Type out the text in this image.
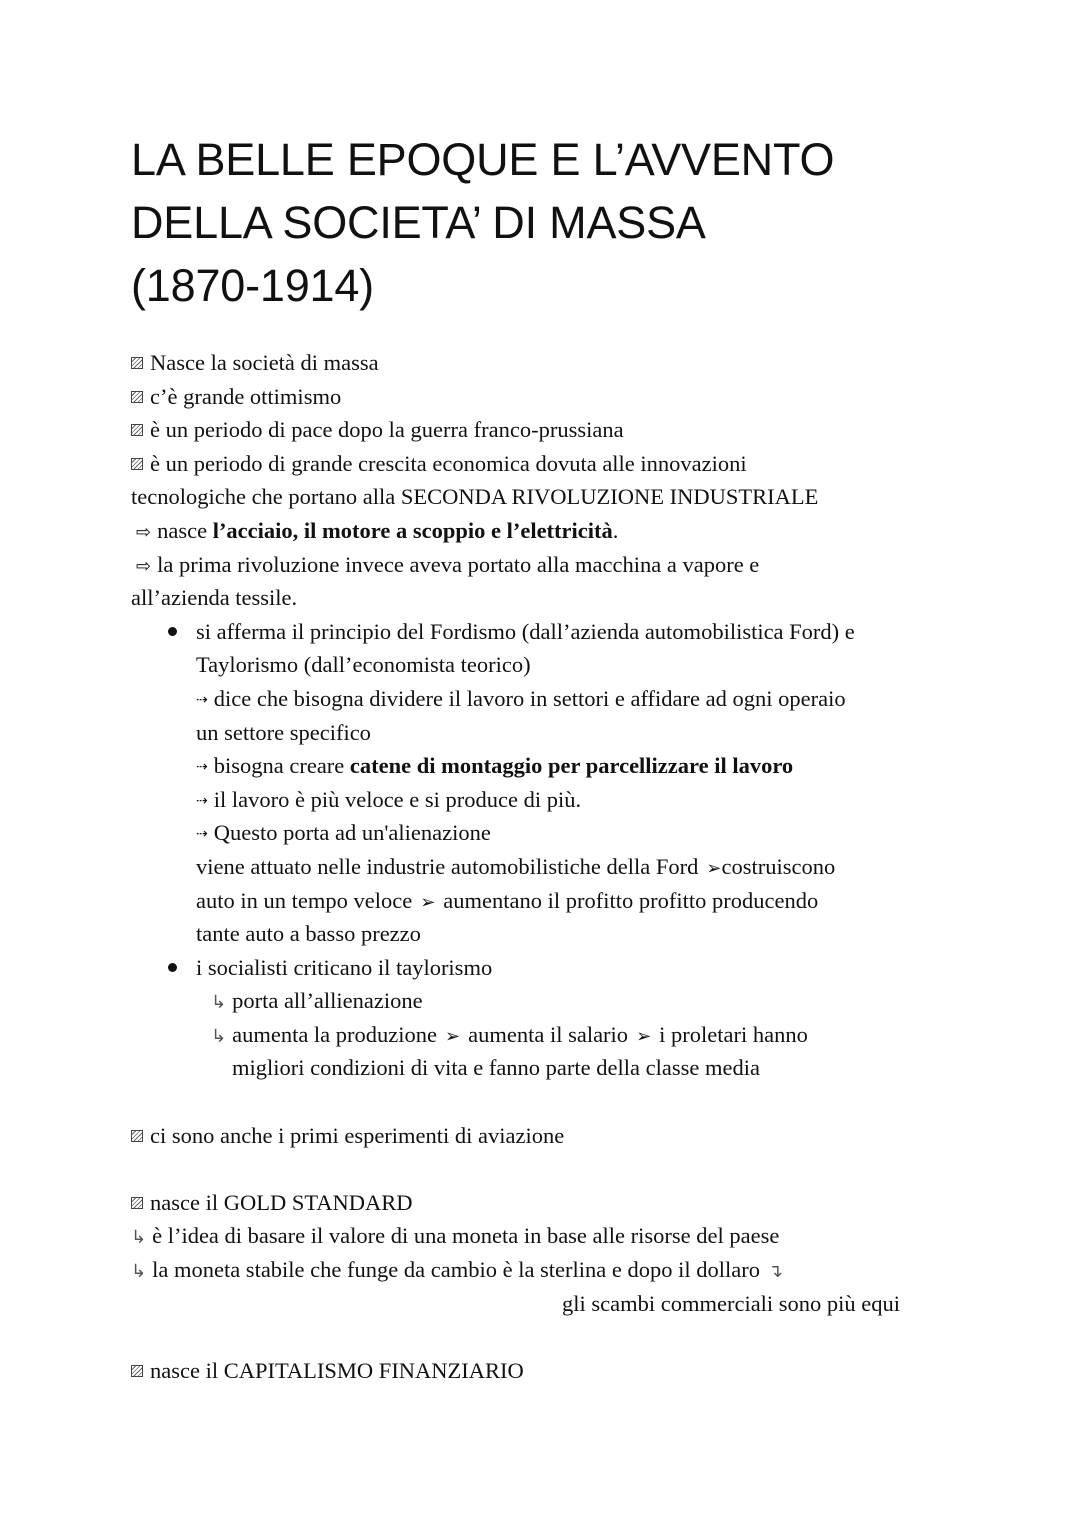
LA BELLE EPOQUE E L’AVVENTO
DELLA SOCIETA’ DI MASSA
(1870-1914)
Nasce la società di massa
c’è grande ottimismo
è un periodo di pace dopo la guerra franco-prussiana
è un periodo di grande crescita economica dovuta alle innovazioni
tecnologiche che portano alla SECONDA RIVOLUZIONE INDUSTRIALE
⇨ nasce l’acciaio, il motore a scoppio e l’elettricità.
⇨ la prima rivoluzione invece aveva portato alla macchina a vapore e
all’azienda tessile.
si afferma il principio del Fordismo (dall’azienda automobilistica Ford) e
Taylorismo (dall’economista teorico)
⇢ dice che bisogna dividere il lavoro in settori e affidare ad ogni operaio
un settore specifico
⇢ bisogna creare catene di montaggio per parcellizzare il lavoro
⇢ il lavoro è più veloce e si produce di più.
⇢ Questo porta ad un'alienazione
viene attuato nelle industrie automobilistiche della Ford ➢costruiscono
auto in un tempo veloce ➢ aumentano il profitto profitto producendo
tante auto a basso prezzo
i socialisti criticano il taylorismo
↳ porta all’allienazione
↳ aumenta la produzione ➢ aumenta il salario ➢ i proletari hanno
migliori condizioni di vita e fanno parte della classe media
ci sono anche i primi esperimenti di aviazione
nasce il GOLD STANDARD
↳ è l’idea di basare il valore di una moneta in base alle risorse del paese
↳ la moneta stabile che funge da cambio è la sterlina e dopo il dollaro ↴
gli scambi commerciali sono più equi
nasce il CAPITALISMO FINANZIARIO
